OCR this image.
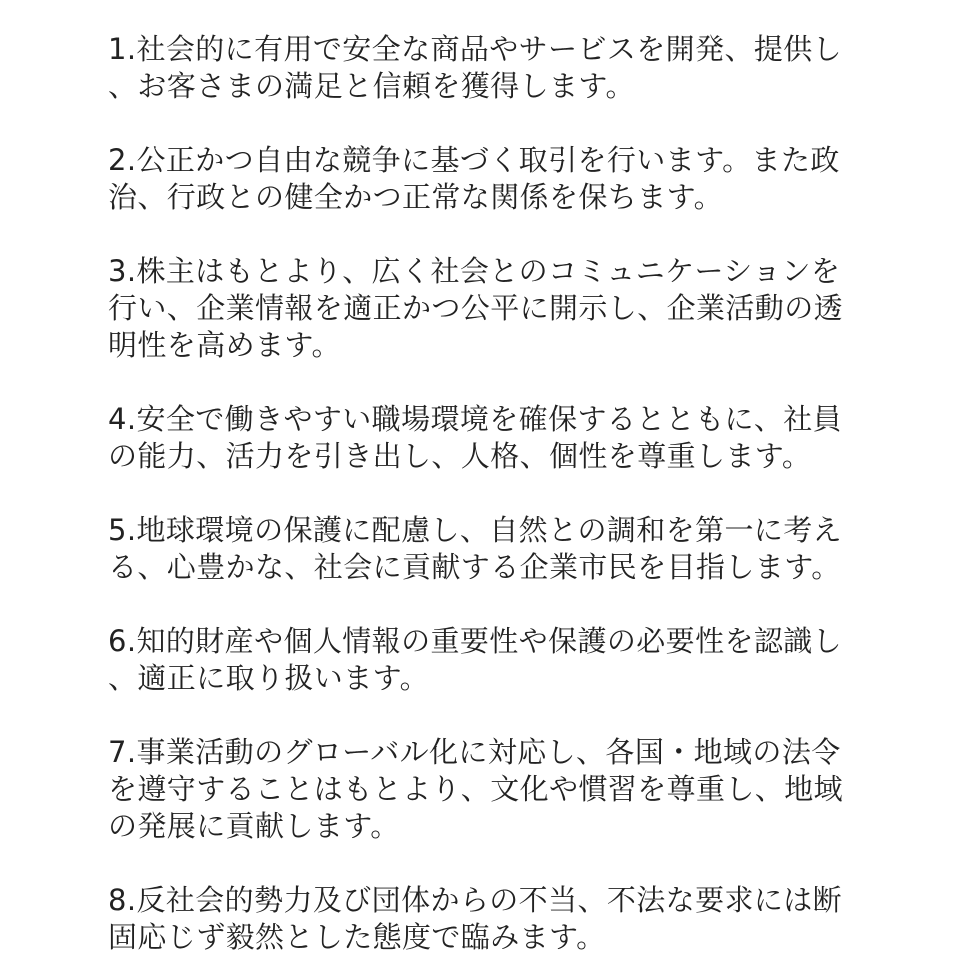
1.社会的に有用で安全な商品やサービスを開発、提供し
、お客さまの満足と信頼を獲得します。
2.公正かつ自由な競争に基づく取引を行います。また政
治、行政との健全かつ正常な関係を保ちます。
3.株主はもとより、広く社会とのコミュニケーションを
行い、企業情報を適正かつ公平に開示し、企業活動の透
明性を高めます。
4.安全で働きやすい職場環境を確保するとともに、社員
の能力、活力を引き出し、人格、個性を尊重します。
5.地球環境の保護に配慮し、自然との調和を第一に考え
る、心豊かな、社会に貢献する企業市民を目指します。
6.知的財産や個人情報の重要性や保護の必要性を認識し
、適正に取り扱います。
7.事業活動のグローバル化に対応し、各国・地域の法令
を遵守することはもとより、文化や慣習を尊重し、地域
の発展に貢献します。
8.反社会的勢力及び団体からの不当、不法な要求には断
固応じず毅然とした態度で臨みます。
